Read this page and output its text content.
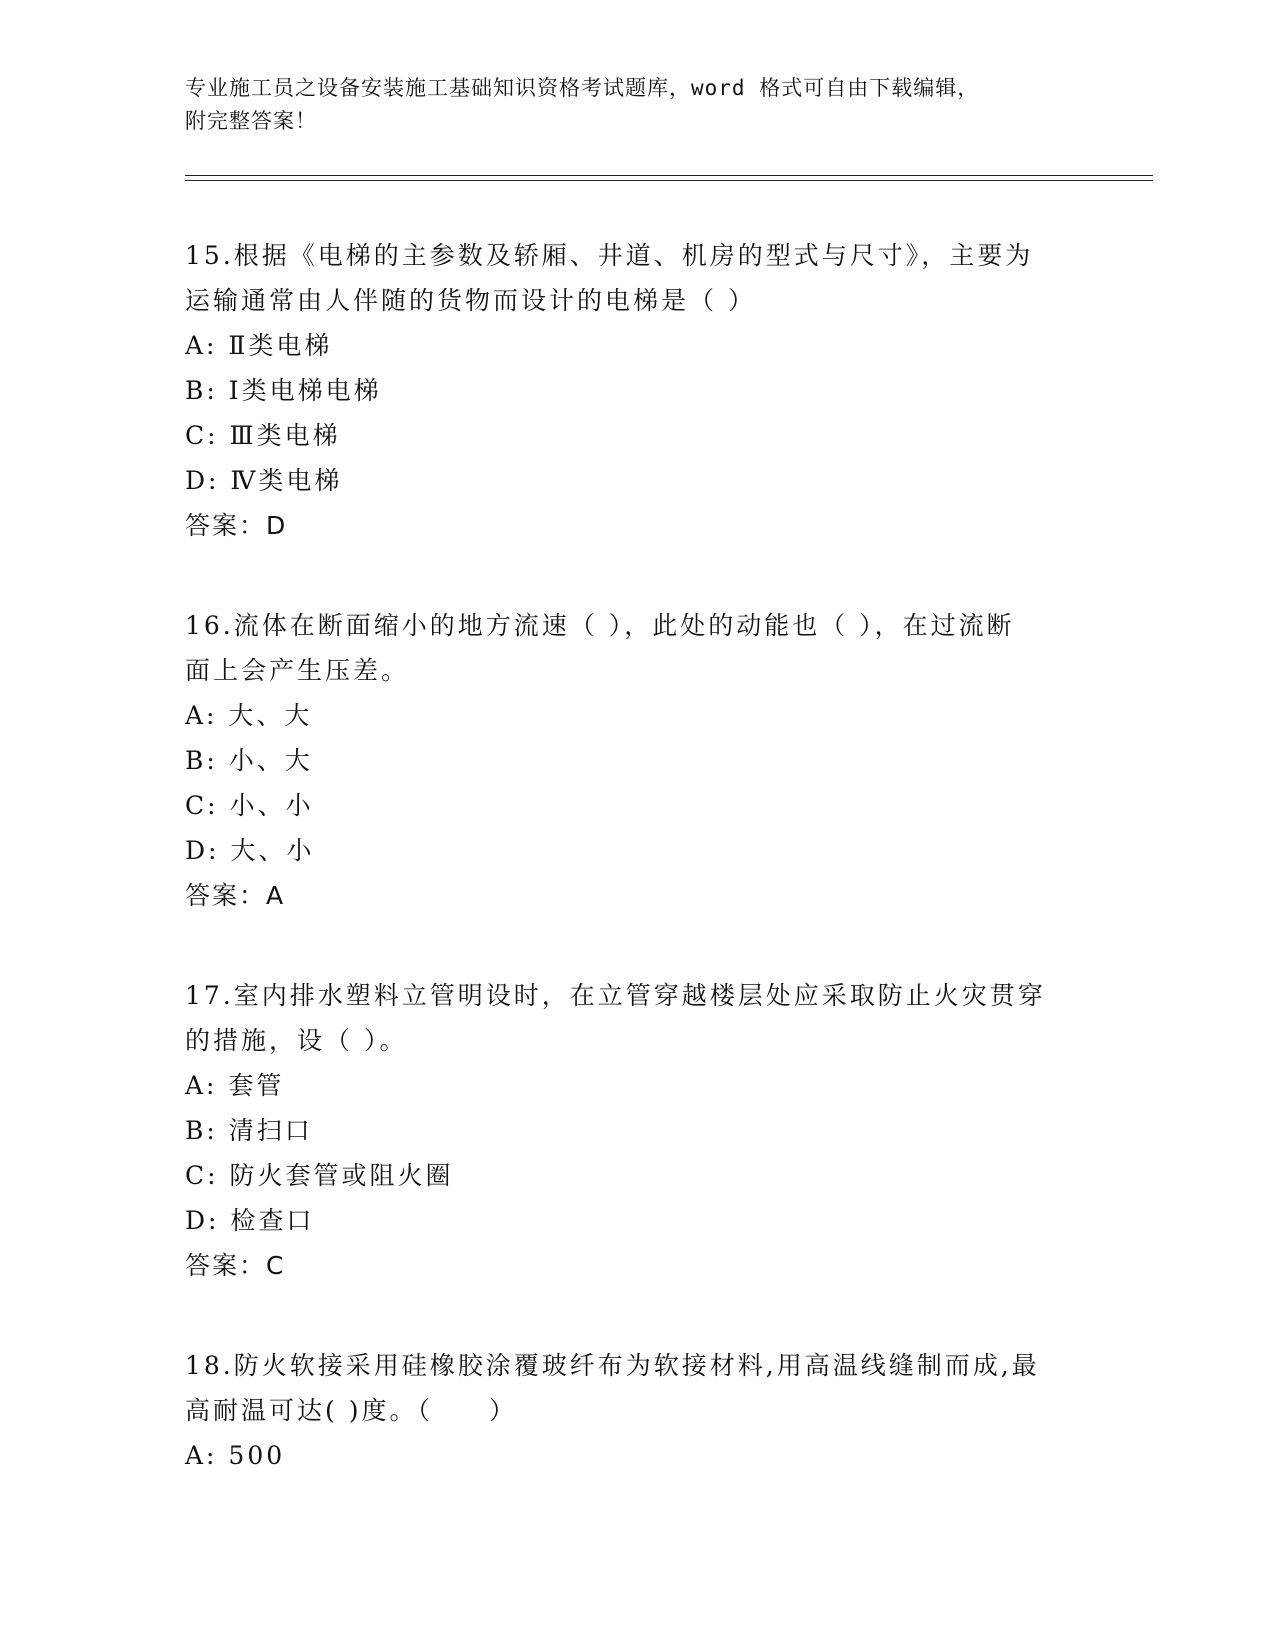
专业施工员之设备安装施工基础知识资格考试题库，word 格式可自由下载编辑，
附完整答案！

15.根据《电梯的主参数及轿厢、井道、机房的型式与尺寸》，主要为

运输通常由人伴随的货物而设计的电梯是（ ）

A: Ⅱ类电梯

B: Ⅰ类电梯电梯

C: Ⅲ类电梯

D: Ⅳ类电梯

答案：D

16.流体在断面缩小的地方流速（ ），此处的动能也（ ），在过流断

面上会产生压差。

A: 大、大

B: 小、大

C: 小、小

D: 大、小

答案：A

17.室内排水塑料立管明设时，在立管穿越楼层处应采取防止火灾贯穿

的措施，设（ ）。

A: 套管

B: 清扫口

C: 防火套管或阻火圈

D: 检查口

答案：C

18.防火软接采用硅橡胶涂覆玻纤布为软接材料,用高温线缝制而成,最

高耐温可达( )度。（　　）

A: 500
